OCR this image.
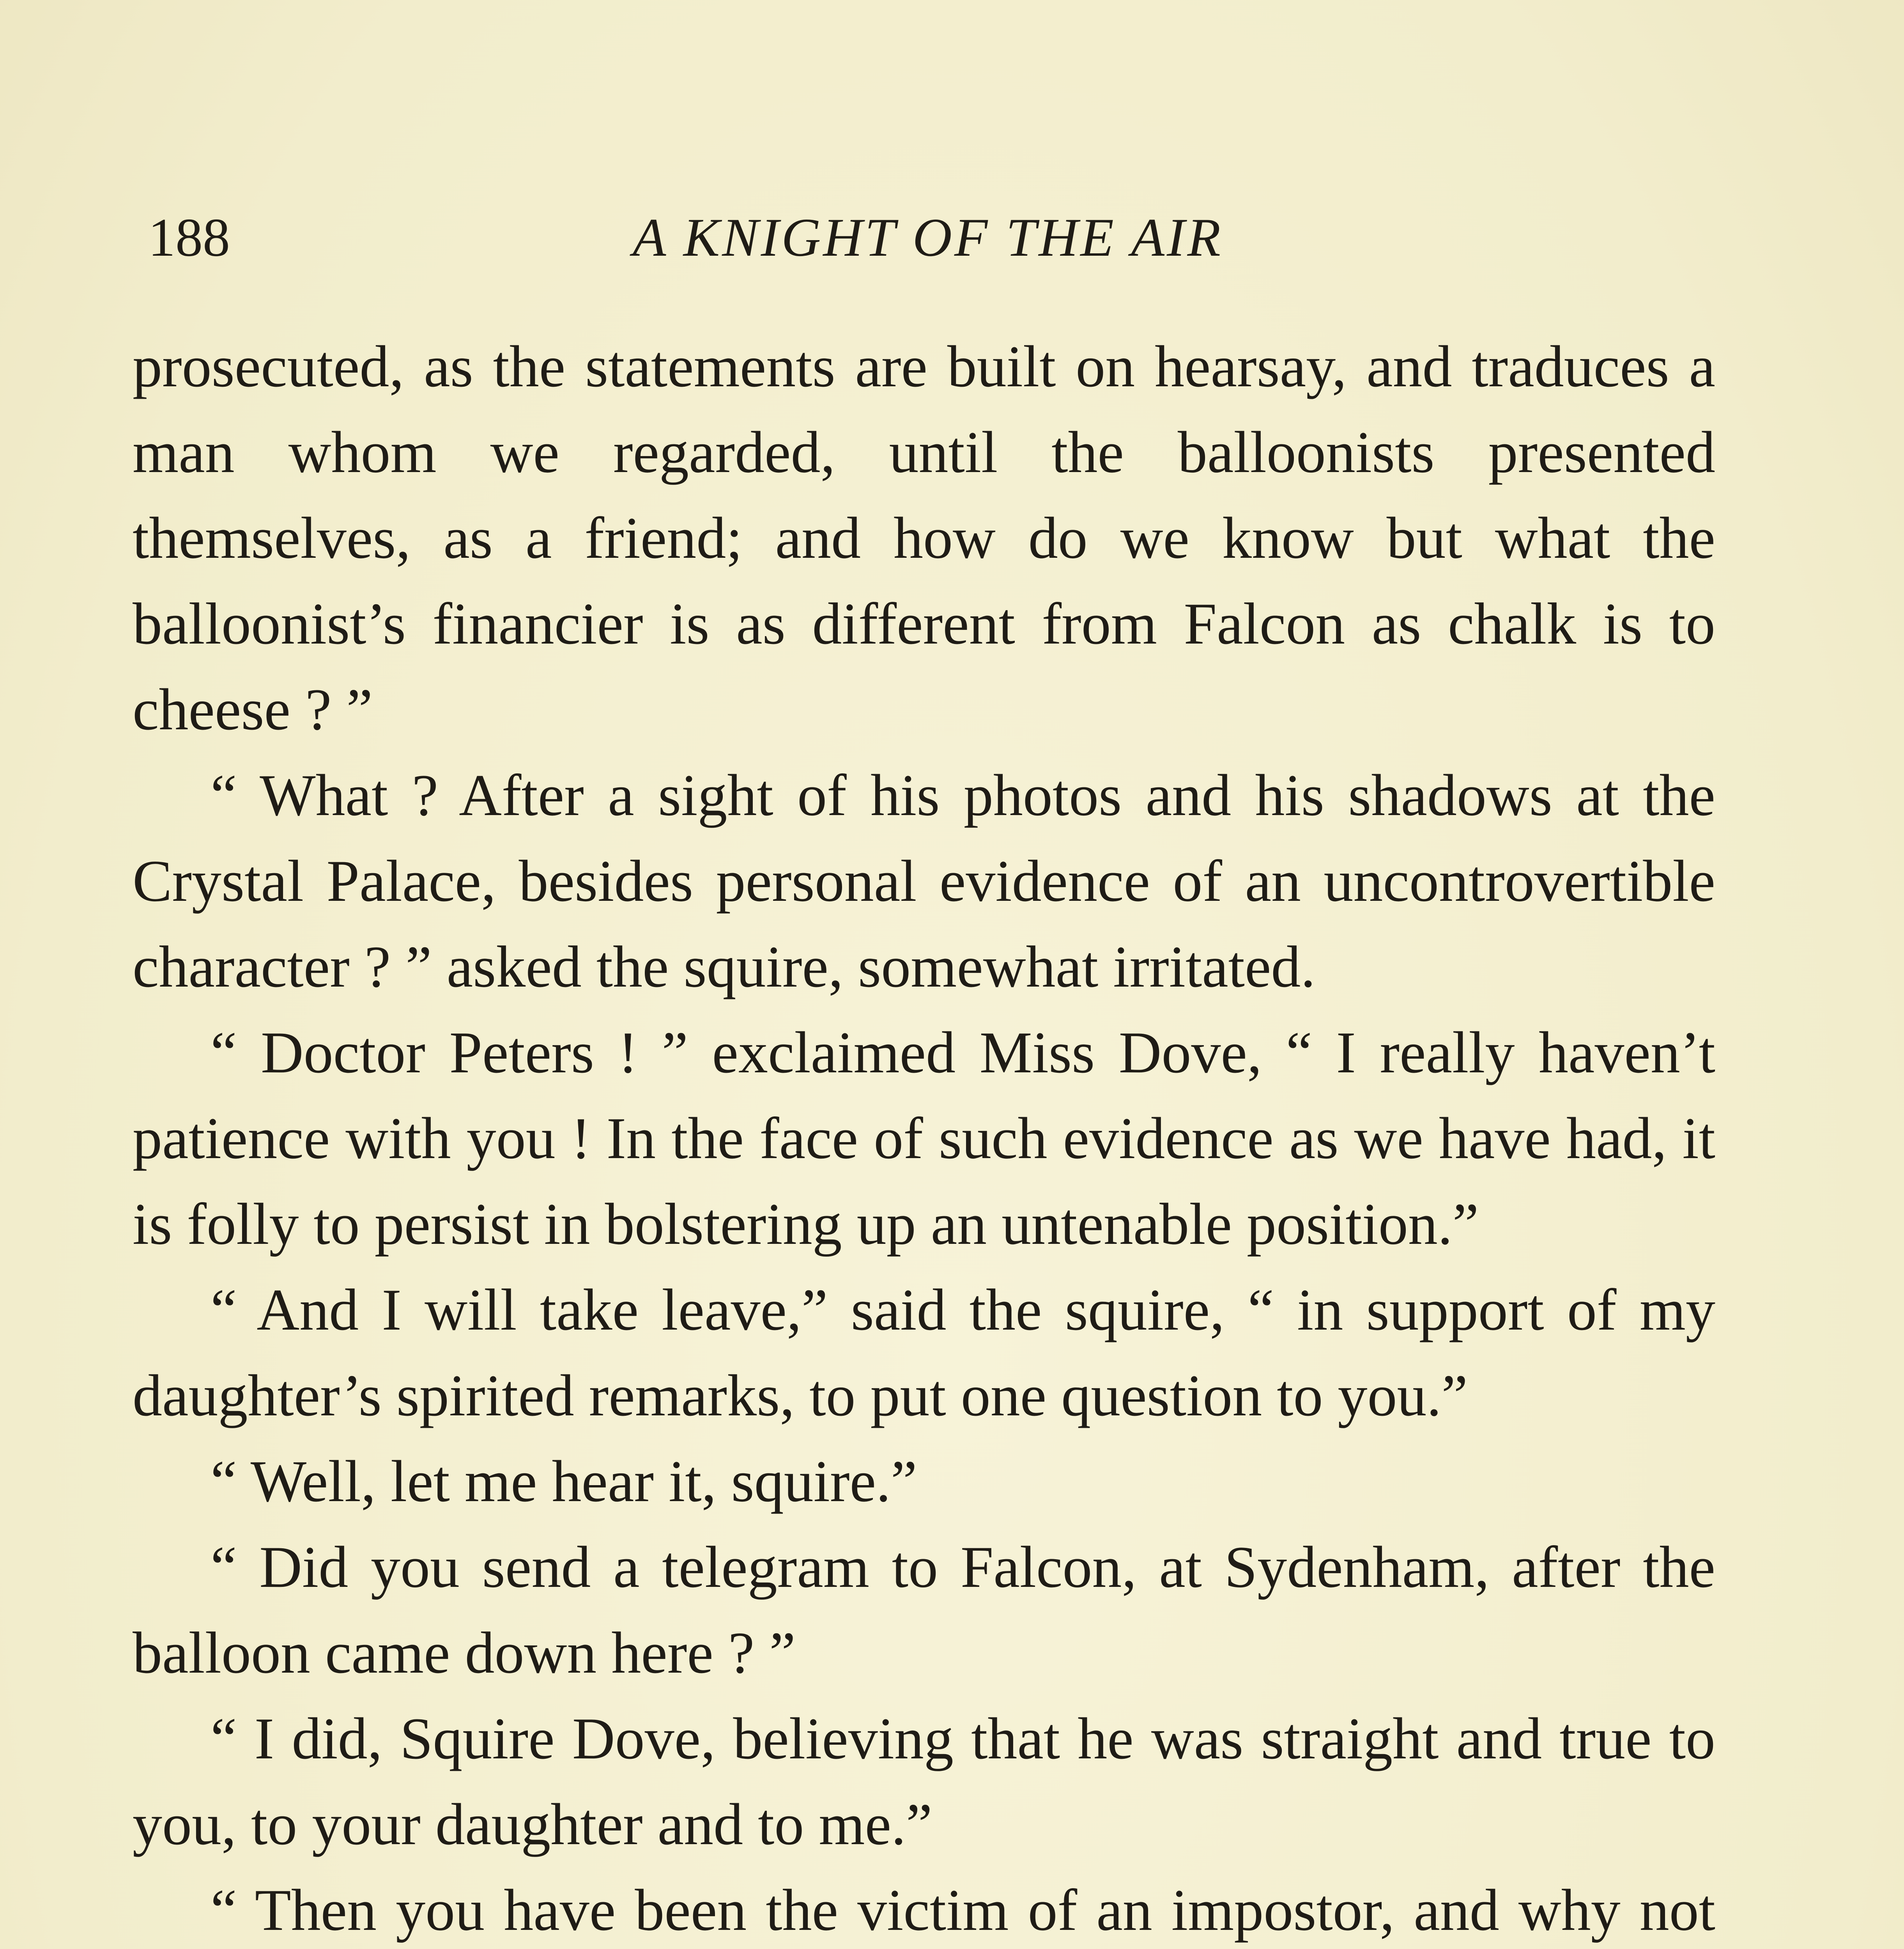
188	A KNIGHT OF THE AIR

prosecuted, as the statements are built on hearsay, and traduces a man whom we regarded, until the balloonists presented themselves, as a friend; and how do we know but what the balloonist’s financier is as different from Falcon as chalk is to cheese ? ”

“ What ? After a sight of his photos and his shadows at the Crystal Palace, besides personal evidence of an uncontrovertible character ? ” asked the squire, somewhat irritated.

“ Doctor Peters ! ” exclaimed Miss Dove, “ I really haven’t patience with you ! In the face of such evidence as we have had, it is folly to persist in bolstering up an untenable position.”

“ And I will take leave,” said the squire, “ in support of my daughter’s spirited remarks, to put one question to you.”

“ Well, let me hear it, squire.”

“ Did you send a telegram to Falcon, at Sydenham, after the balloon came down here ? ”

“ I did, Squire Dove, believing that he was straight and true to you, to your daughter and to me.”

“ Then you have been the victim of an impostor, and why not
